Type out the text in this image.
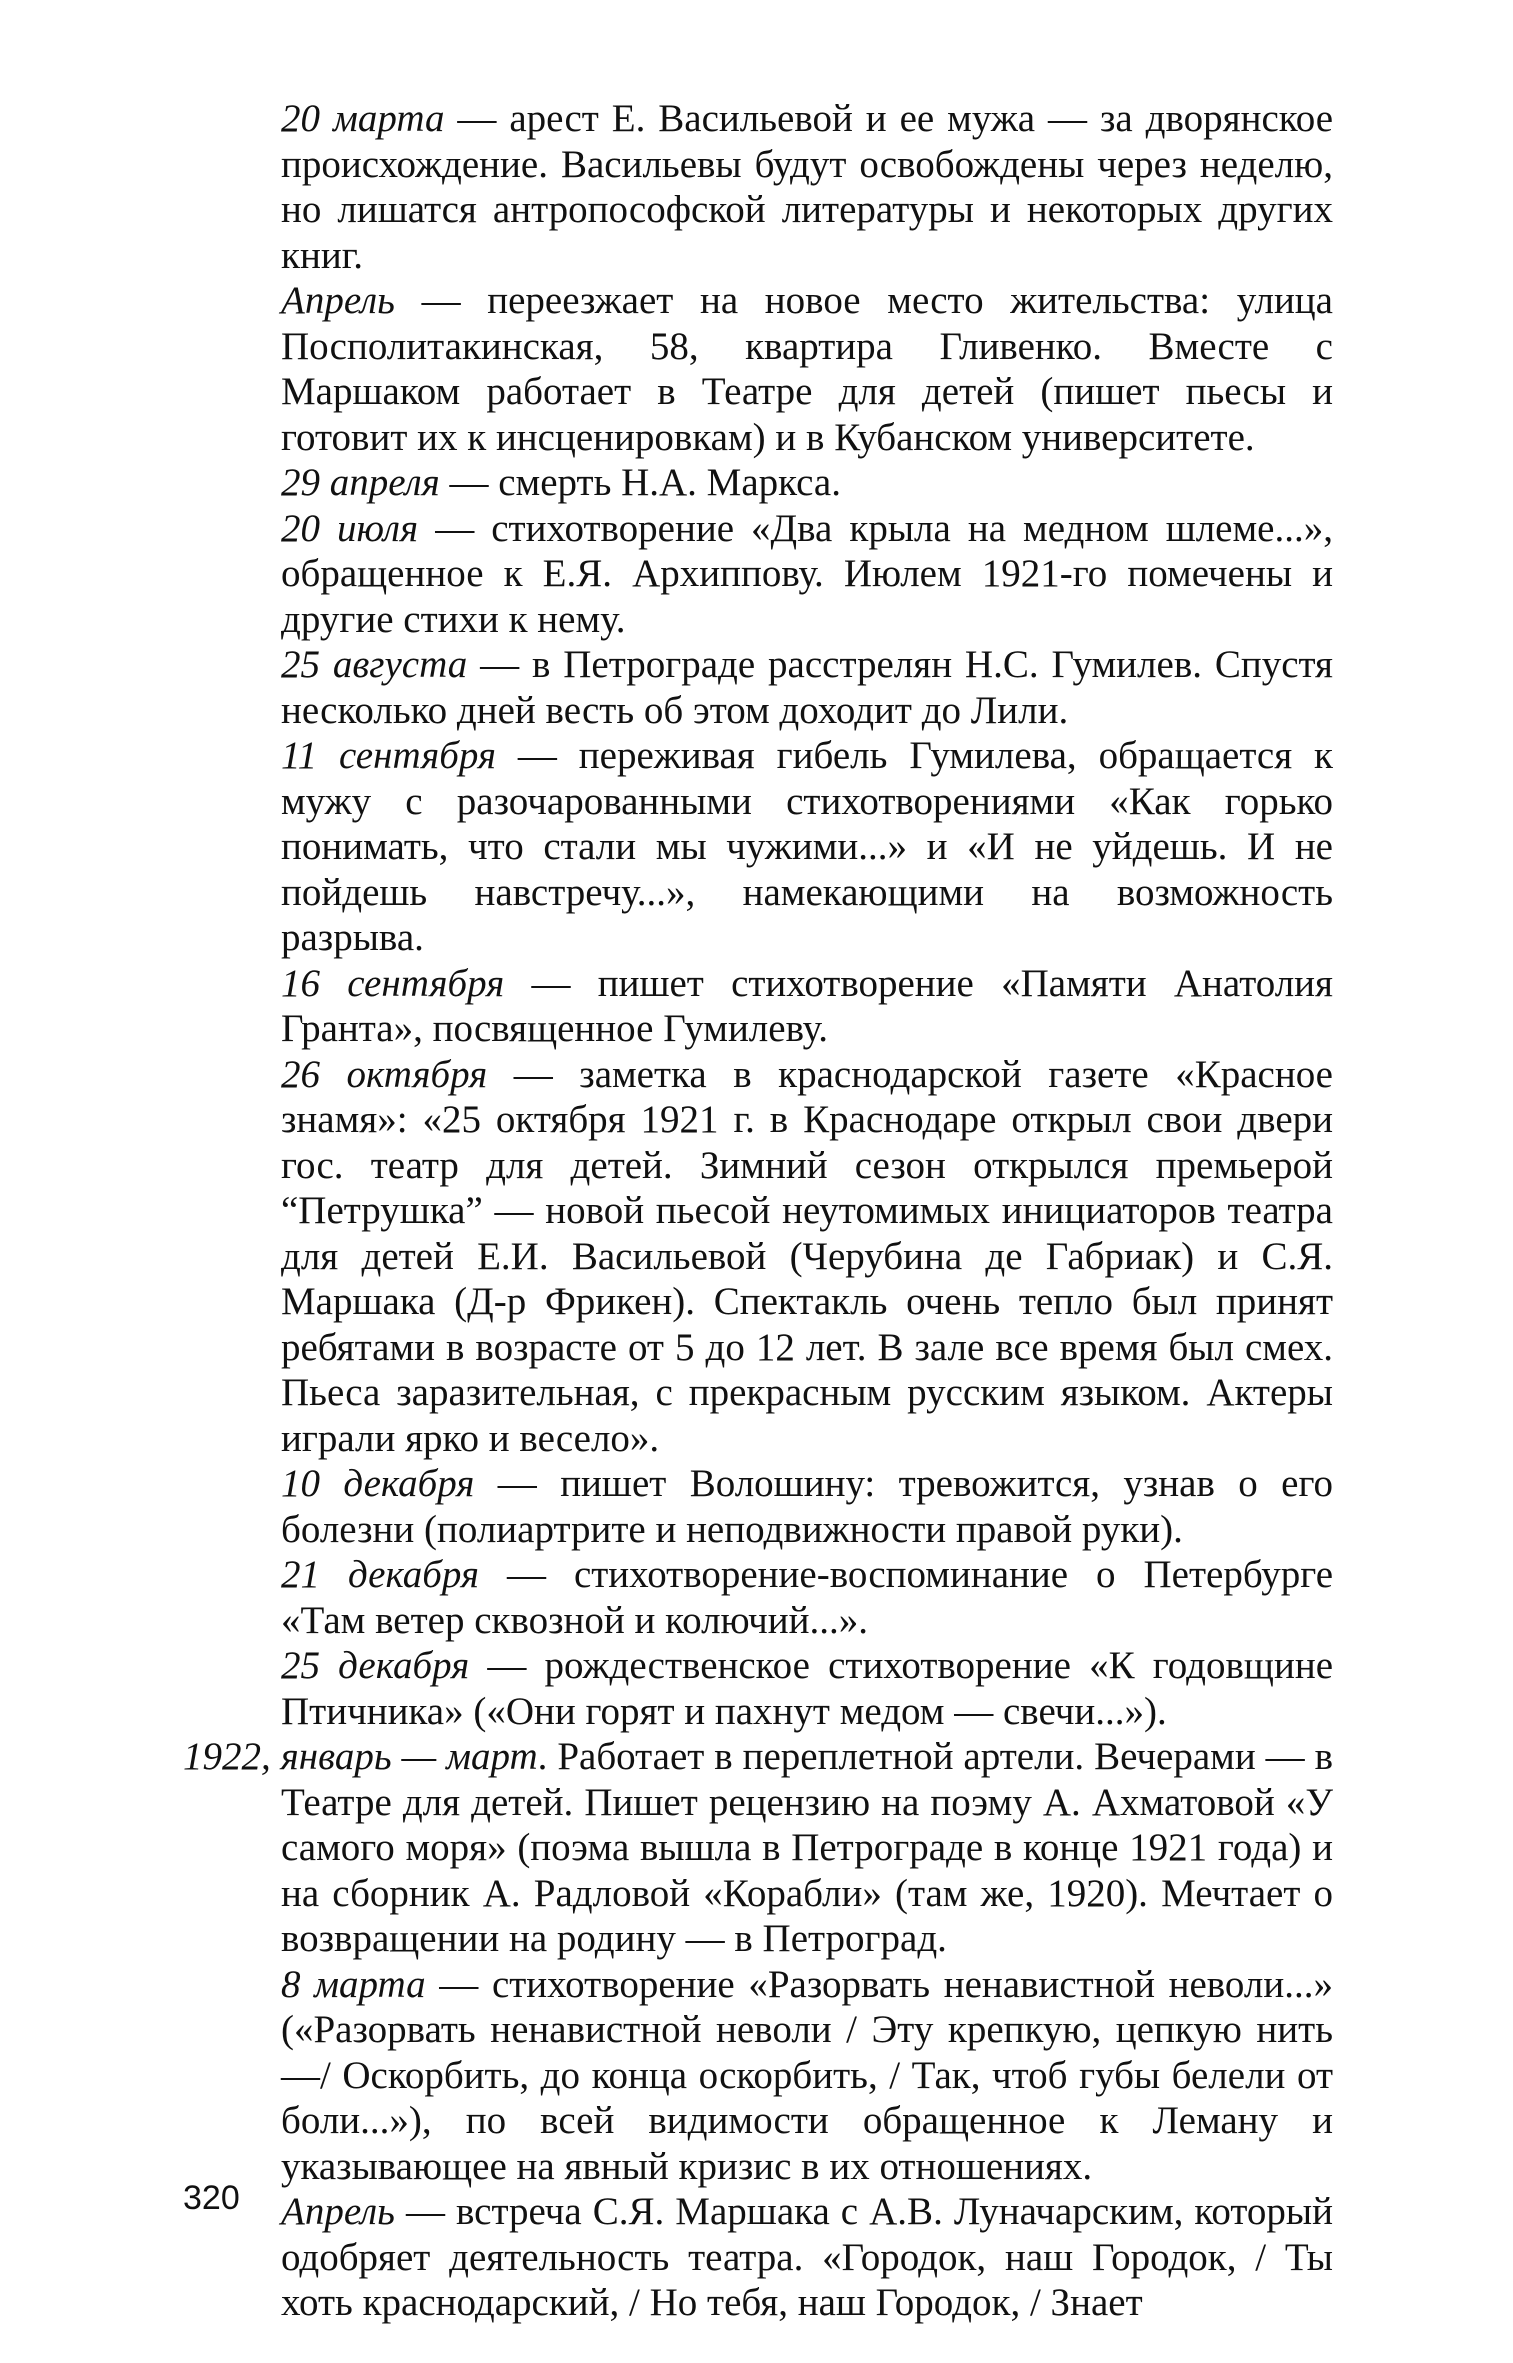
20 марта — арест Е. Васильевой и ее мужа — за дворянское происхождение. Васильевы будут освобождены через неделю, но лишатся антропософской литературы и некоторых других книг.

Апрель — переезжает на новое место жительства: улица Посполитакинская, 58, квартира Гливенко. Вместе с Маршаком работает в Театре для детей (пишет пьесы и готовит их к инсценировкам) и в Кубанском университете.

29 апреля — смерть Н.А. Маркса.

20 июля — стихотворение «Два крыла на медном шлеме...», обращенное к Е.Я. Архиппову. Июлем 1921-го помечены и другие стихи к нему.

25 августа — в Петрограде расстрелян Н.С. Гумилев. Спустя несколько дней весть об этом доходит до Лили.

11 сентября — переживая гибель Гумилева, обращается к мужу с разочарованными стихотворениями «Как горько понимать, что стали мы чужими...» и «И не уйдешь. И не пойдешь навстречу...», намекающими на возможность разрыва.

16 сентября — пишет стихотворение «Памяти Анатолия Гранта», посвященное Гумилеву.

26 октября — заметка в краснодарской газете «Красное знамя»: «25 октября 1921 г. в Краснодаре открыл свои двери гос. театр для детей. Зимний сезон открылся премьерой “Петрушка” — новой пьесой неутомимых инициаторов театра для детей Е.И. Васильевой (Черубина де Габриак) и С.Я. Маршака (Д-р Фрикен). Спектакль очень тепло был принят ребятами в возрасте от 5 до 12 лет. В зале все время был смех. Пьеса заразительная, с прекрасным русским языком. Актеры играли ярко и весело».

10 декабря — пишет Волошину: тревожится, узнав о его болезни (полиартрите и неподвижности правой руки).

21 декабря — стихотворение-воспоминание о Петербурге «Там ветер сквозной и колючий...».

25 декабря — рождественское стихотворение «К годовщине Птичника» («Они горят и пахнут медом — свечи...»).

1922, январь — март. Работает в переплетной артели. Вечерами — в Театре для детей. Пишет рецензию на поэму А. Ахматовой «У самого моря» (поэма вышла в Петрограде в конце 1921 года) и на сборник А. Радловой «Корабли» (там же, 1920). Мечтает о возвращении на родину — в Петроград.

8 марта — стихотворение «Разорвать ненавистной неволи...» («Разорвать ненавистной неволи / Эту крепкую, цепкую нить —/ Оскорбить, до конца оскорбить, / Так, чтоб губы белели от боли...»), по всей видимости обращенное к Леману и указывающее на явный кризис в их отношениях.

Апрель — встреча С.Я. Маршака с А.В. Луначарским, который одобряет деятельность театра. «Городок, наш Городок, / Ты хоть краснодарский, / Но тебя, наш Городок, / Знает

320
